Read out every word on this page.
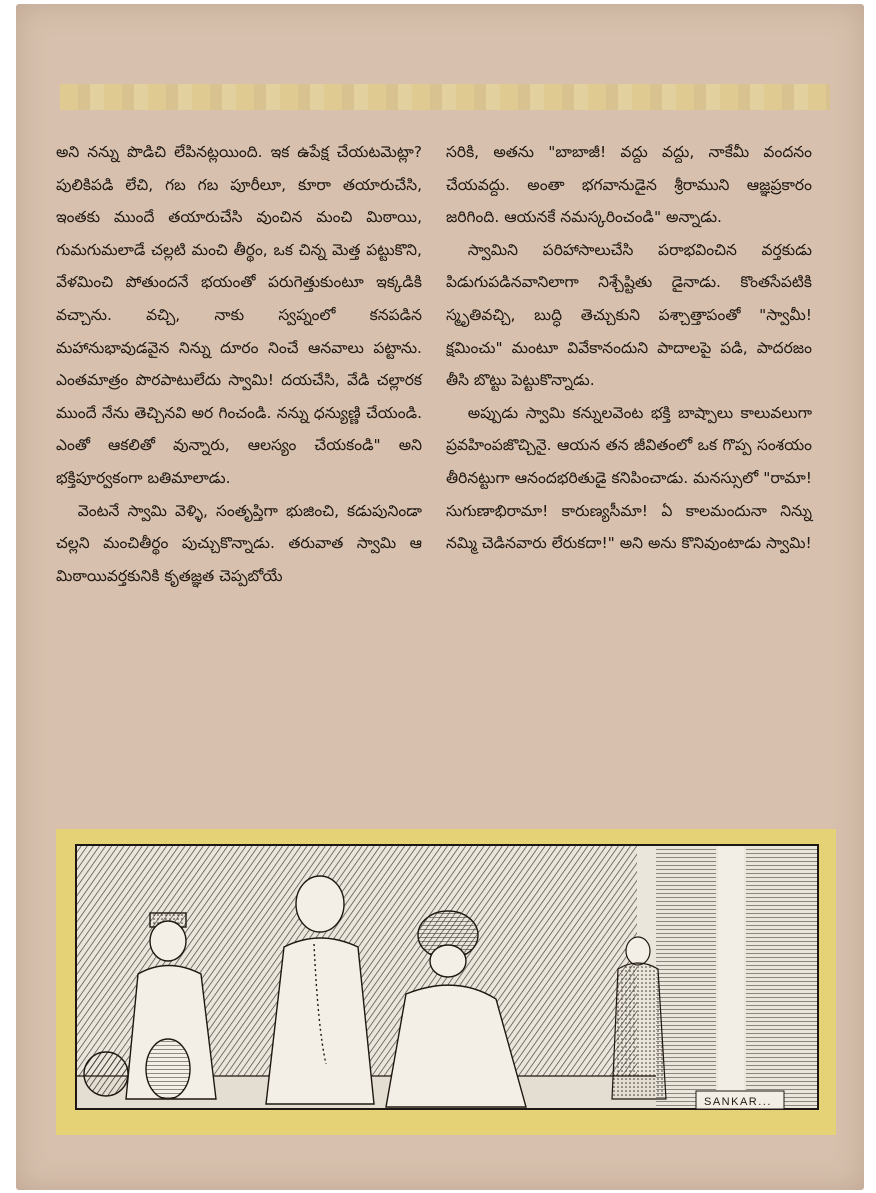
అని నన్ను పొడిచి లేపినట్లయింది. ఇక ఉపేక్ష చేయటమెట్లా? పులికిపడి లేచి, గబ గబ పూరీలూ, కూరా తయారుచేసి, ఇంతకు ముందే తయారుచేసి వుంచిన మంచి మిఠాయి, గుమగుమలాడే చల్లటి మంచి తీర్థం, ఒక చిన్న మెత్త పట్టుకొని, వేళమించి పోతుందనే భయంతో పరుగెత్తుకుంటూ ఇక్కడికి వచ్చాను. వచ్చి, నాకు స్వప్నంలో కనపడిన మహానుభావుడవైన నిన్ను దూరం నించే ఆనవాలు పట్టాను. ఎంతమాత్రం పొరపాటులేదు స్వామి! దయచేసి, వేడి చల్లారక ముందే నేను తెచ్చినవి అర గించండి. నన్ను ధన్యుణ్ణి చేయండి. ఎంతో ఆకలితో వున్నారు, ఆలస్యం చేయకండి" అని భక్తిపూర్వకంగా బతిమాలాడు.

వెంటనే స్వామి వెళ్ళి, సంతృప్తిగా భుజించి, కడుపునిండా చల్లని మంచితీర్థం పుచ్చుకొన్నాడు. తరువాత స్వామి ఆ మిఠాయివర్తకునికి కృతజ్ఞత చెప్పబోయే

సరికి, అతను "బాబాజీ! వద్దు వద్దు, నాకేమీ వందనం చేయవద్దు. అంతా భగవానుడైన శ్రీరాముని ఆజ్ఞప్రకారం జరిగింది. ఆయనకే నమస్కరించండి" అన్నాడు.

స్వామిని పరిహాసాలుచేసి పరాభవించిన వర్తకుడు పిడుగుపడినవానిలాగా నిశ్చేష్టితు డైనాడు. కొంతసేపటికి స్మృతివచ్చి, బుద్ధి తెచ్చుకుని పశ్చాత్తాపంతో "స్వామీ! క్షమించు" మంటూ వివేకానందుని పాదాలపై పడి, పాదరజం తీసి బొట్టు పెట్టుకొన్నాడు.

అప్పుడు స్వామి కన్నులవెంట భక్తి బాష్పాలు కాలువలుగా ప్రవహింపజొచ్చినై. ఆయన తన జీవితంలో ఒక గొప్ప సంశయం తీరినట్టుగా ఆనందభరితుడై కనిపించాడు. మనస్సులో "రామా! సుగుణాభిరామా! కారుణ్యసీమా! ఏ కాలమందునా నిన్ను నమ్మి చెడినవారు లేరుకదా!" అని అను కొనివుంటాడు స్వామి!

SANKAR...
